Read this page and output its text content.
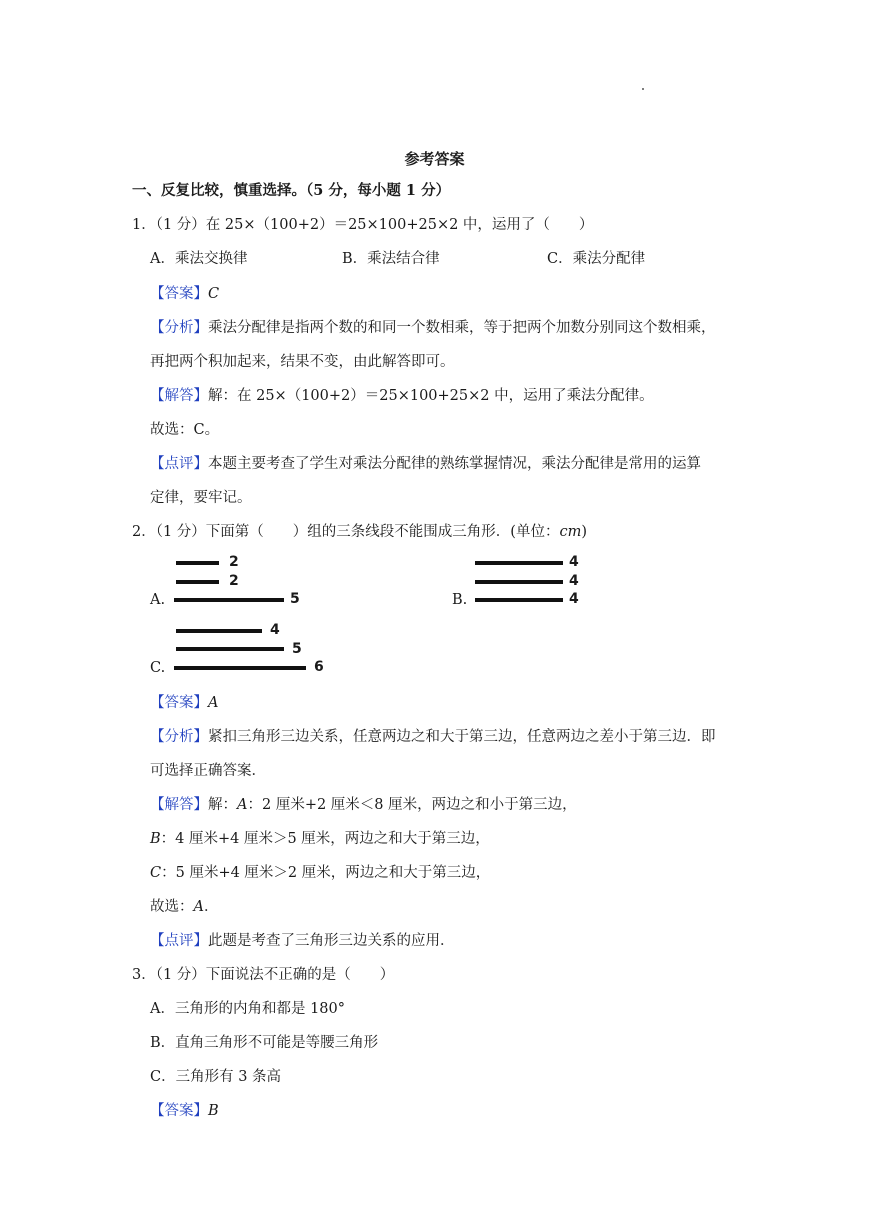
参考答案
一、反复比较，慎重选择。（5 分，每小题 1 分）
1．（1 分）在 25×（100+2）＝25×100+25×2 中，运用了（　　）
A．乘法交换律	B．乘法结合律	C．乘法分配律
【答案】C
【分析】乘法分配律是指两个数的和同一个数相乘，等于把两个加数分别同这个数相乘，
再把两个积加起来，结果不变，由此解答即可。
【解答】解：在 25×（100+2）＝25×100+25×2 中，运用了乘法分配律。
故选：C。
【点评】本题主要考查了学生对乘法分配律的熟练掌握情况，乘法分配律是常用的运算
定律，要牢记。
2．（1 分）下面第（　　）组的三条线段不能围成三角形．(单位：cm)
2
2
5
A.
4
4
4
B.
4
5
6
C.
【答案】A
【分析】紧扣三角形三边关系，任意两边之和大于第三边，任意两边之差小于第三边．即
可选择正确答案．
【解答】解：A：2 厘米+2 厘米＜8 厘米，两边之和小于第三边，
B：4 厘米+4 厘米＞5 厘米，两边之和大于第三边，
C：5 厘米+4 厘米＞2 厘米，两边之和大于第三边，
故选：A．
【点评】此题是考查了三角形三边关系的应用．
3．（1 分）下面说法不正确的是（　　）
A．三角形的内角和都是 180°
B．直角三角形不可能是等腰三角形
C．三角形有 3 条高
【答案】B
